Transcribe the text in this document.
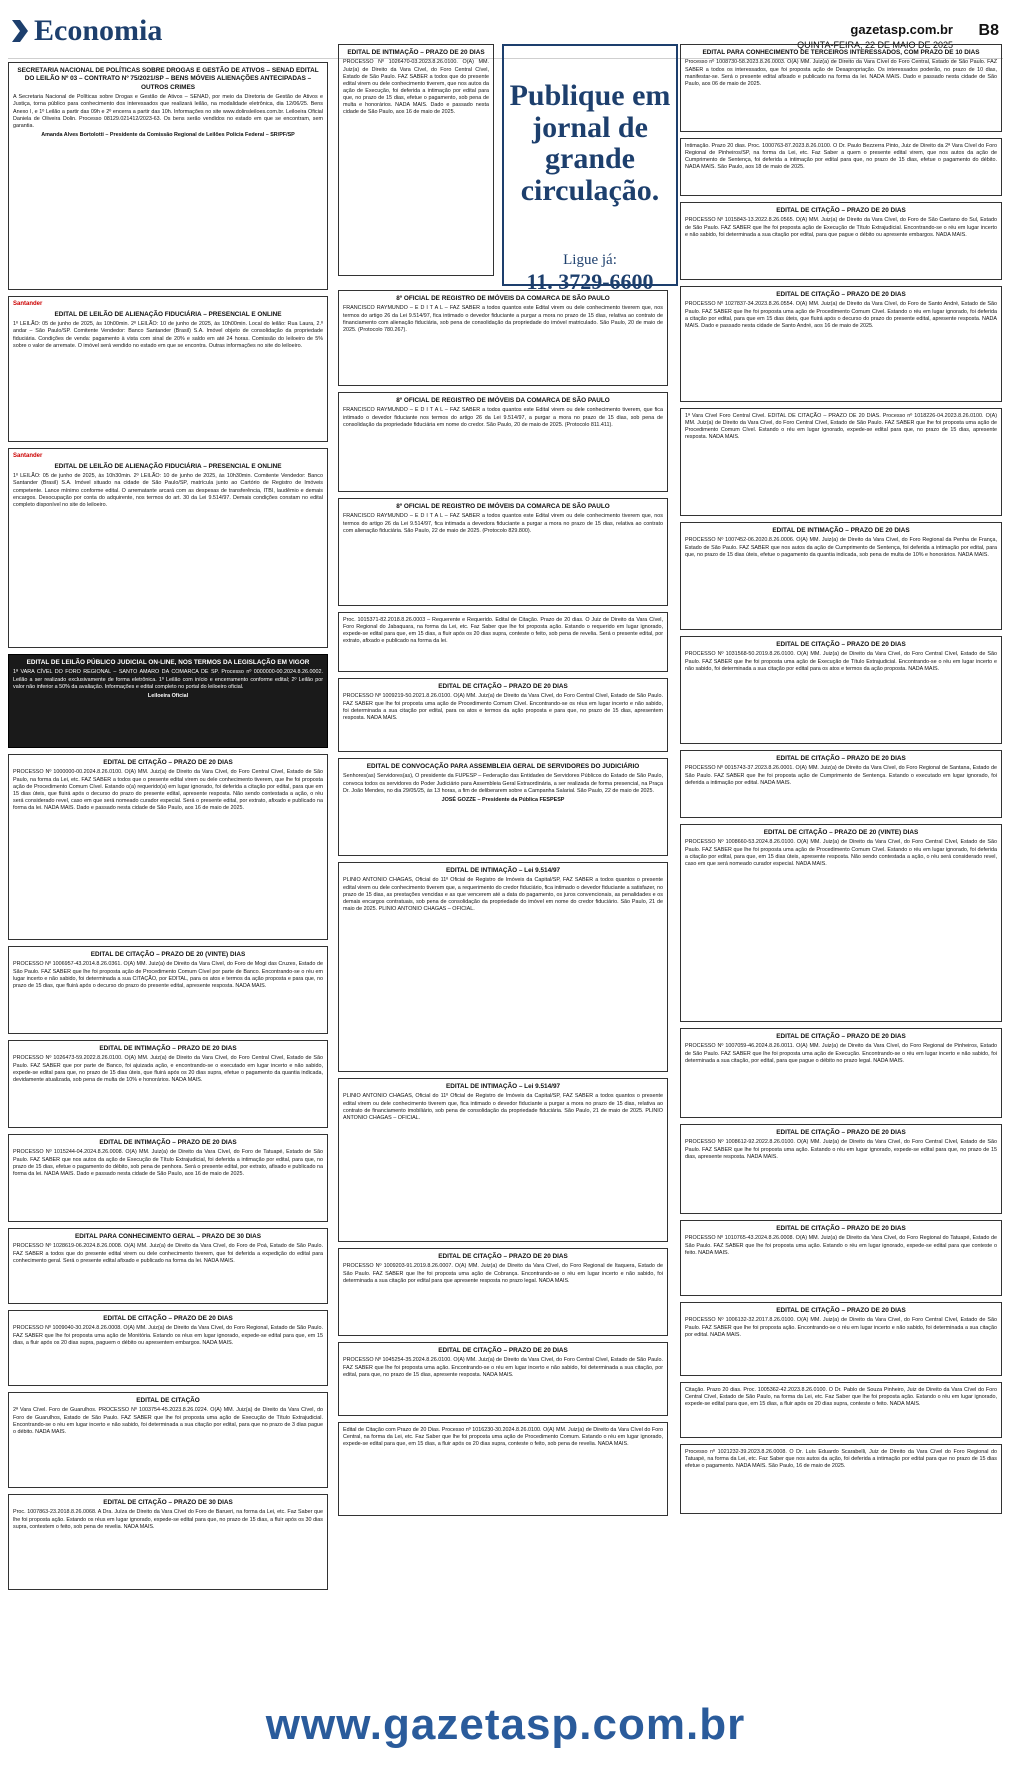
Economia	gazetasp.com.br
QUINTA-FEIRA, 22 DE MAIO DE 2025
B8
SECRETARIA NACIONAL DE POLÍTICAS SOBRE DROGAS E GESTÃO DE ATIVOS – SENAD EDITAL DO LEILÃO Nº 03 – CONTRATO Nº 75/2021/SP – BENS MÓVEIS ALIENAÇÕES ANTECIPADAS – OUTROS CRIMES
A Secretaria Nacional de Políticas sobre Drogas e Gestão de Ativos – SENAD, por meio da Diretoria de Gestão de Ativos e Justiça, torna público para conhecimento dos interessados que realizará leilão, na modalidade eletrônica, dia 12/06/25. Bens Anexo I, e 1º Leilão a partir das 09h e 2º encerra a partir das 10h. Informações no site www.dolinsleiloes.com.br. Leiloeira Oficial Daniela de Oliveira Dolin. Processo 08129.021412/2023-63. Os bens serão vendidos no estado em que se encontram, sem garantia.
Amanda Alves Bortolotti – Presidente da Comissão Regional de Leilões Polícia Federal – SR/PF/SP
Santander
EDITAL DE LEILÃO DE ALIENAÇÃO FIDUCIÁRIA – PRESENCIAL E ONLINE
1º LEILÃO: 05 de junho de 2025, às 10h00min. 2º LEILÃO: 10 de junho de 2025, às 10h00min. Local do leilão: Rua Laura, 2.º andar – São Paulo/SP. Comitente Vendedor: Banco Santander (Brasil) S.A. Imóvel objeto de consolidação da propriedade fiduciária. Condições de venda: pagamento à vista com sinal de 20% e saldo em até 24 horas. Comissão do leiloeiro de 5% sobre o valor de arremate. O imóvel será vendido no estado em que se encontra. Outras informações no site do leiloeiro.
Santander
EDITAL DE LEILÃO DE ALIENAÇÃO FIDUCIÁRIA – PRESENCIAL E ONLINE
1º LEILÃO: 05 de junho de 2025, às 10h30min. 2º LEILÃO: 10 de junho de 2025, às 10h30min. Comitente Vendedor: Banco Santander (Brasil) S.A. Imóvel situado na cidade de São Paulo/SP, matrícula junto ao Cartório de Registro de Imóveis competente. Lance mínimo conforme edital. O arrematante arcará com as despesas de transferência, ITBI, laudêmio e demais encargos. Desocupação por conta do adquirente, nos termos do art. 30 da Lei 9.514/97. Demais condições constam no edital completo disponível no site do leiloeiro.
EDITAL DE LEILÃO PÚBLICO JUDICIAL ON-LINE, NOS TERMOS DA LEGISLAÇÃO EM VIGOR
1ª VARA CÍVEL DO FORO REGIONAL – SANTO AMARO DA COMARCA DE SP. Processo nº 0000000-00.2024.8.26.0002. Leilão a ser realizado exclusivamente de forma eletrônica. 1º Leilão com início e encerramento conforme edital; 2º Leilão por valor não inferior a 50% da avaliação. Informações e edital completo no portal do leiloeiro oficial.
Leiloeira Oficial
EDITAL DE CITAÇÃO – PRAZO DE 20 DIAS
PROCESSO Nº 1000000-00.2024.8.26.0100. O(A) MM. Juiz(a) de Direito da Vara Cível, do Foro Central Cível, Estado de São Paulo, na forma da Lei, etc. FAZ SABER a todos que o presente edital virem ou dele conhecimento tiverem, que lhe foi proposta ação de Procedimento Comum Cível. Estando o(a) requerido(a) em lugar ignorado, foi deferida a citação por edital, para que em 15 dias úteis, que fluirá após o decurso do prazo do presente edital, apresente resposta. Não sendo contestada a ação, o réu será considerado revel, caso em que será nomeado curador especial. Será o presente edital, por extrato, afixado e publicado na forma da lei. NADA MAIS. Dado e passado nesta cidade de São Paulo, aos 16 de maio de 2025.
EDITAL DE CITAÇÃO – PRAZO DE 20 (VINTE) DIAS
PROCESSO Nº 1006957-43.2014.8.26.0361. O(A) MM. Juiz(a) de Direito da Vara Cível, do Foro de Mogi das Cruzes, Estado de São Paulo. FAZ SABER que lhe foi proposta ação de Procedimento Comum Cível por parte de Banco. Encontrando-se o réu em lugar incerto e não sabido, foi determinada a sua CITAÇÃO, por EDITAL, para os atos e termos da ação proposta e para que, no prazo de 15 dias, que fluirá após o decurso do prazo do presente edital, apresente resposta. NADA MAIS.
EDITAL DE INTIMAÇÃO – PRAZO DE 20 DIAS
PROCESSO Nº 1026473-59.2022.8.26.0100. O(A) MM. Juiz(a) de Direito da Vara Cível, do Foro Central Cível, Estado de São Paulo. FAZ SABER que por parte de Banco, foi ajuizada ação, e encontrando-se o executado em lugar incerto e não sabido, expede-se edital para que, no prazo de 15 dias úteis, que fluirá após os 20 dias supra, efetue o pagamento da quantia indicada, devidamente atualizada, sob pena de multa de 10% e honorários. NADA MAIS.
EDITAL DE INTIMAÇÃO – PRAZO DE 20 DIAS
PROCESSO Nº 1015244-04.2024.8.26.0008. O(A) MM. Juiz(a) de Direito da Vara Cível, do Foro de Tatuapé, Estado de São Paulo. FAZ SABER que nos autos da ação de Execução de Título Extrajudicial, foi deferida a intimação por edital, para que, no prazo de 15 dias, efetue o pagamento do débito, sob pena de penhora. Será o presente edital, por extrato, afixado e publicado na forma da lei. NADA MAIS. Dado e passado nesta cidade de São Paulo, aos 16 de maio de 2025.
EDITAL PARA CONHECIMENTO GERAL – PRAZO DE 30 DIAS
PROCESSO Nº 1028619-06.2024.8.26.0008. O(A) MM. Juiz(a) de Direito da Vara Cível, do Foro de Poá, Estado de São Paulo. FAZ SABER a todos que do presente edital virem ou dele conhecimento tiverem, que foi deferida a expedição do edital para conhecimento geral. Será o presente edital afixado e publicado na forma da lei. NADA MAIS.
EDITAL DE CITAÇÃO – PRAZO DE 20 DIAS
PROCESSO Nº 1009040-30.2024.8.26.0008. O(A) MM. Juiz(a) de Direito da Vara Cível, do Foro Regional, Estado de São Paulo. FAZ SABER que lhe foi proposta uma ação de Monitória. Estando os réus em lugar ignorado, expede-se edital para que, em 15 dias, a fluir após os 20 dias supra, paguem o débito ou apresentem embargos. NADA MAIS.
EDITAL DE CITAÇÃO
2ª Vara Cível. Foro de Guarulhos. PROCESSO Nº 1003754-45.2023.8.26.0224. O(A) MM. Juiz(a) de Direito da Vara Cível, do Foro de Guarulhos, Estado de São Paulo. FAZ SABER que lhe foi proposta uma ação de Execução de Título Extrajudicial. Encontrando-se o réu em lugar incerto e não sabido, foi determinada a sua citação por edital, para que no prazo de 3 dias pague o débito. NADA MAIS.
EDITAL DE CITAÇÃO – PRAZO DE 30 DIAS
Proc. 1007863-23.2018.8.26.0068. A Dra. Juíza de Direito da Vara Cível do Foro de Barueri, na forma da Lei, etc. Faz Saber que lhe foi proposta ação. Estando os réus em lugar ignorado, expede-se edital para que, no prazo de 15 dias, a fluir após os 30 dias supra, contestem o feito, sob pena de revelia. NADA MAIS.
8º OFICIAL DE REGISTRO DE IMÓVEIS DA COMARCA DE SÃO PAULO
FRANCISCO RAYMUNDO – E D I T A L – FAZ SABER a todos quantos este Edital virem ou dele conhecimento tiverem que, nos termos do artigo 26 da Lei 9.514/97, fica intimado o devedor fiduciante a purgar a mora no prazo de 15 dias, relativa ao contrato de financiamento com alienação fiduciária, sob pena de consolidação da propriedade do imóvel matriculado. São Paulo, 20 de maio de 2025. (Protocolo 780.267).
8º OFICIAL DE REGISTRO DE IMÓVEIS DA COMARCA DE SÃO PAULO
FRANCISCO RAYMUNDO – E D I T A L – FAZ SABER a todos quantos este Edital virem ou dele conhecimento tiverem, que fica intimado o devedor fiduciante nos termos do artigo 26 da Lei 9.514/97, a purgar a mora no prazo de 15 dias, sob pena de consolidação da propriedade fiduciária em nome do credor. São Paulo, 20 de maio de 2025. (Protocolo 811.411).
8º OFICIAL DE REGISTRO DE IMÓVEIS DA COMARCA DE SÃO PAULO
FRANCISCO RAYMUNDO – E D I T A L – FAZ SABER a todos quantos este Edital virem ou dele conhecimento tiverem que, nos termos do artigo 26 da Lei 9.514/97, fica intimada a devedora fiduciante a purgar a mora no prazo de 15 dias, relativa ao contrato com alienação fiduciária. São Paulo, 22 de maio de 2025. (Protocolo 829.800).
Proc. 1015371-82.2018.8.26.0003 – Requerente e Requerido. Edital de Citação. Prazo de 20 dias. O Juiz de Direito da Vara Cível, Foro Regional do Jabaquara, na forma da Lei, etc. Faz Saber que lhe foi proposta ação. Estando o requerido em lugar ignorado, expede-se edital para que, em 15 dias, a fluir após os 20 dias supra, conteste o feito, sob pena de revelia. Será o presente edital, por extrato, afixado e publicado na forma da lei.
EDITAL DE CITAÇÃO – PRAZO DE 20 DIAS
PROCESSO Nº 1009219-50.2021.8.26.0100. O(A) MM. Juiz(a) de Direito da Vara Cível, do Foro Central Cível, Estado de São Paulo. FAZ SABER que lhe foi proposta uma ação de Procedimento Comum Cível. Encontrando-se os réus em lugar incerto e não sabido, foi determinada a sua citação por edital, para os atos e termos da ação proposta e para que, no prazo de 15 dias, apresentem resposta. NADA MAIS.
EDITAL DE CONVOCAÇÃO PARA ASSEMBLEIA GERAL DE SERVIDORES DO JUDICIÁRIO
Senhores(as) Servidores(as), O presidente da FUPESP – Federação das Entidades de Servidores Públicos do Estado de São Paulo, convoca todos os servidores do Poder Judiciário para Assembleia Geral Extraordinária, a ser realizada de forma presencial, na Praça Dr. João Mendes, no dia 29/05/25, às 13 horas, a fim de deliberarem sobre a Campanha Salarial. São Paulo, 22 de maio de 2025.
JOSÉ GOZZE – Presidente da Pública FESPESP
EDITAL DE INTIMAÇÃO – Lei 9.514/97
PLINIO ANTONIO CHAGAS, Oficial do 11º Oficial de Registro de Imóveis da Capital/SP, FAZ SABER a todos quantos o presente edital virem ou dele conhecimento tiverem que, a requerimento do credor fiduciário, fica intimado o devedor fiduciante a satisfazer, no prazo de 15 dias, as prestações vencidas e as que vencerem até a data do pagamento, os juros convencionais, as penalidades e os demais encargos contratuais, sob pena de consolidação da propriedade do imóvel em nome do credor fiduciário. São Paulo, 21 de maio de 2025. PLINIO ANTONIO CHAGAS – OFICIAL.
EDITAL DE INTIMAÇÃO – Lei 9.514/97
PLINIO ANTONIO CHAGAS, Oficial do 11º Oficial de Registro de Imóveis da Capital/SP, FAZ SABER a todos quantos o presente edital virem ou dele conhecimento tiverem que, fica intimado o devedor fiduciante a purgar a mora no prazo de 15 dias, relativa ao contrato de financiamento imobiliário, sob pena de consolidação da propriedade fiduciária. São Paulo, 21 de maio de 2025. PLINIO ANTONIO CHAGAS – OFICIAL.
EDITAL DE CITAÇÃO – PRAZO DE 20 DIAS
PROCESSO Nº 1009203-91.2019.8.26.0007. O(A) MM. Juiz(a) de Direito da Vara Cível, do Foro Regional de Itaquera, Estado de São Paulo. FAZ SABER que lhe foi proposta uma ação de Cobrança. Encontrando-se o réu em lugar incerto e não sabido, foi determinada a sua citação por edital para que apresente resposta no prazo legal. NADA MAIS.
EDITAL DE CITAÇÃO – PRAZO DE 20 DIAS
PROCESSO Nº 1045254-35.2024.8.26.0100. O(A) MM. Juiz(a) de Direito da Vara Cível, do Foro Central Cível, Estado de São Paulo. FAZ SABER que lhe foi proposta uma ação. Encontrando-se o réu em lugar incerto e não sabido, foi determinada a sua citação, por edital, para que, no prazo de 15 dias, apresente resposta. NADA MAIS.
Edital de Citação com Prazo de 20 Dias. Processo nº 1016230-30.2024.8.26.0100. O(A) MM. Juiz(a) de Direito da Vara Cível do Foro Central, na forma da Lei, etc. Faz Saber que lhe foi proposta uma ação de Procedimento Comum. Estando o réu em lugar ignorado, expede-se edital para que, em 15 dias, a fluir após os 20 dias supra, conteste o feito, sob pena de revelia. NADA MAIS.
EDITAL DE INTIMAÇÃO – PRAZO DE 20 DIAS
PROCESSO Nº 1026470-03.2023.8.26.0100. O(A) MM. Juiz(a) de Direito da Vara Cível, do Foro Central Cível, Estado de São Paulo. FAZ SABER a todos que do presente edital virem ou dele conhecimento tiverem, que nos autos da ação de Execução, foi deferida a intimação por edital para que, no prazo de 15 dias, efetue o pagamento, sob pena de multa e honorários. NADA MAIS. Dado e passado nesta cidade de São Paulo, aos 16 de maio de 2025.
EDITAL PARA CONHECIMENTO DE TERCEIROS INTERESSADOS, COM PRAZO DE 10 DIAS
Processo nº 1008730-58.2023.8.26.0003. O(A) MM. Juiz(a) de Direito da Vara Cível do Foro Central, Estado de São Paulo. FAZ SABER a todos os interessados, que foi proposta ação de Desapropriação. Os interessados poderão, no prazo de 10 dias, manifestar-se. Será o presente edital afixado e publicado na forma da lei. NADA MAIS. Dado e passado nesta cidade de São Paulo, aos 06 de maio de 2025.
Intimação. Prazo 20 dias. Proc. 1000763-87.2023.8.26.0100. O Dr. Paulo Bezzerra Pinto, Juiz de Direito da 2ª Vara Cível do Foro Regional de Pinheiros/SP, na forma da Lei, etc. Faz Saber a quem o presente edital virem, que nos autos da ação de Cumprimento de Sentença, foi deferida a intimação por edital para que, no prazo de 15 dias, efetue o pagamento do débito. NADA MAIS. São Paulo, aos 18 de maio de 2025.
EDITAL DE CITAÇÃO – PRAZO DE 20 DIAS
PROCESSO Nº 1015843-13.2022.8.26.0565. O(A) MM. Juiz(a) de Direito da Vara Cível, do Foro de São Caetano do Sul, Estado de São Paulo. FAZ SABER que lhe foi proposta ação de Execução de Título Extrajudicial. Encontrando-se o réu em lugar incerto e não sabido, foi determinada a sua citação por edital, para que pague o débito ou apresente embargos. NADA MAIS.
EDITAL DE CITAÇÃO – PRAZO DE 20 DIAS
PROCESSO Nº 1027837-34.2023.8.26.0554. O(A) MM. Juiz(a) de Direito da Vara Cível, do Foro de Santo André, Estado de São Paulo. FAZ SABER que lhe foi proposta uma ação de Procedimento Comum Cível. Estando o réu em lugar ignorado, foi deferida a citação por edital, para que em 15 dias úteis, que fluirá após o decurso do prazo do presente edital, apresente resposta. NADA MAIS. Dado e passado nesta cidade de Santo André, aos 16 de maio de 2025.
1ª Vara Cível Foro Central Cível. EDITAL DE CITAÇÃO – PRAZO DE 20 DIAS. Processo nº 1018226-04.2023.8.26.0100. O(A) MM. Juiz(a) de Direito da Vara Cível, do Foro Central Cível, Estado de São Paulo. FAZ SABER que lhe foi proposta uma ação de Procedimento Comum Cível. Estando o réu em lugar ignorado, expede-se edital para que, no prazo de 15 dias, apresente resposta. NADA MAIS.
EDITAL DE INTIMAÇÃO – PRAZO DE 20 DIAS
PROCESSO Nº 1007452-06.2020.8.26.0006. O(A) MM. Juiz(a) de Direito da Vara Cível, do Foro Regional da Penha de França, Estado de São Paulo. FAZ SABER que nos autos da ação de Cumprimento de Sentença, foi deferida a intimação por edital, para que, no prazo de 15 dias úteis, efetue o pagamento da quantia indicada, sob pena de multa de 10% e honorários. NADA MAIS.
EDITAL DE CITAÇÃO – PRAZO DE 20 DIAS
PROCESSO Nº 1031568-50.2019.8.26.0100. O(A) MM. Juiz(a) de Direito da Vara Cível, do Foro Central Cível, Estado de São Paulo. FAZ SABER que lhe foi proposta uma ação de Execução de Título Extrajudicial. Encontrando-se o réu em lugar incerto e não sabido, foi determinada a sua citação por edital para os atos e termos da ação proposta. NADA MAIS.
EDITAL DE CITAÇÃO – PRAZO DE 20 DIAS
PROCESSO Nº 0015743-37.2023.8.26.0001. O(A) MM. Juiz(a) de Direito da Vara Cível, do Foro Regional de Santana, Estado de São Paulo. FAZ SABER que lhe foi proposta ação de Cumprimento de Sentença. Estando o executado em lugar ignorado, foi deferida a intimação por edital. NADA MAIS.
EDITAL DE CITAÇÃO – PRAZO DE 20 (VINTE) DIAS
PROCESSO Nº 1008660-53.2024.8.26.0100. O(A) MM. Juiz(a) de Direito da Vara Cível, do Foro Central Cível, Estado de São Paulo. FAZ SABER que lhe foi proposta uma ação de Procedimento Comum Cível. Estando o réu em lugar ignorado, foi deferida a citação por edital, para que, em 15 dias úteis, apresente resposta. Não sendo contestada a ação, o réu será considerado revel, caso em que será nomeado curador especial. NADA MAIS.
EDITAL DE CITAÇÃO – PRAZO DE 20 DIAS
PROCESSO Nº 1007059-46.2024.8.26.0011. O(A) MM. Juiz(a) de Direito da Vara Cível, do Foro Regional de Pinheiros, Estado de São Paulo. FAZ SABER que lhe foi proposta uma ação de Execução. Encontrando-se o réu em lugar incerto e não sabido, foi determinada a sua citação, por edital, para que pague o débito no prazo legal. NADA MAIS.
EDITAL DE CITAÇÃO – PRAZO DE 20 DIAS
PROCESSO Nº 1008612-92.2022.8.26.0100. O(A) MM. Juiz(a) de Direito da Vara Cível, do Foro Central Cível, Estado de São Paulo. FAZ SABER que lhe foi proposta uma ação. Estando o réu em lugar ignorado, expede-se edital para que, no prazo de 15 dias, apresente resposta. NADA MAIS.
EDITAL DE CITAÇÃO – PRAZO DE 20 DIAS
PROCESSO Nº 1010765-43.2024.8.26.0008. O(A) MM. Juiz(a) de Direito da Vara Cível, do Foro Regional do Tatuapé, Estado de São Paulo. FAZ SABER que lhe foi proposta uma ação. Estando o réu em lugar ignorado, expede-se edital para que conteste o feito. NADA MAIS.
EDITAL DE CITAÇÃO – PRAZO DE 20 DIAS
PROCESSO Nº 1006132-32.2017.8.26.0100. O(A) MM. Juiz(a) de Direito da Vara Cível, do Foro Central Cível, Estado de São Paulo. FAZ SABER que lhe foi proposta ação. Encontrando-se o réu em lugar incerto e não sabido, foi determinada a sua citação por edital. NADA MAIS.
Citação. Prazo 20 dias. Proc. 1005362-42.2023.8.26.0100. O Dr. Pablo de Souza Pinheiro, Juiz de Direito da Vara Cível do Foro Central Cível, Estado de São Paulo, na forma da Lei, etc. Faz Saber que lhe foi proposta ação. Estando o réu em lugar ignorado, expede-se edital para que, em 15 dias, a fluir após os 20 dias supra, conteste o feito. NADA MAIS.
Processo nº 1021232-39.2023.8.26.0008. O Dr. Luís Eduardo Scarabelli, Juiz de Direito da Vara Cível do Foro Regional do Tatuapé, na forma da Lei, etc. Faz Saber que nos autos da ação, foi deferida a intimação por edital para que no prazo de 15 dias efetue o pagamento. NADA MAIS. São Paulo, 16 de maio de 2025.
Publique em jornal de grande circulação.
Ligue já:
11. 3729-6600
www.gazetasp.com.br
